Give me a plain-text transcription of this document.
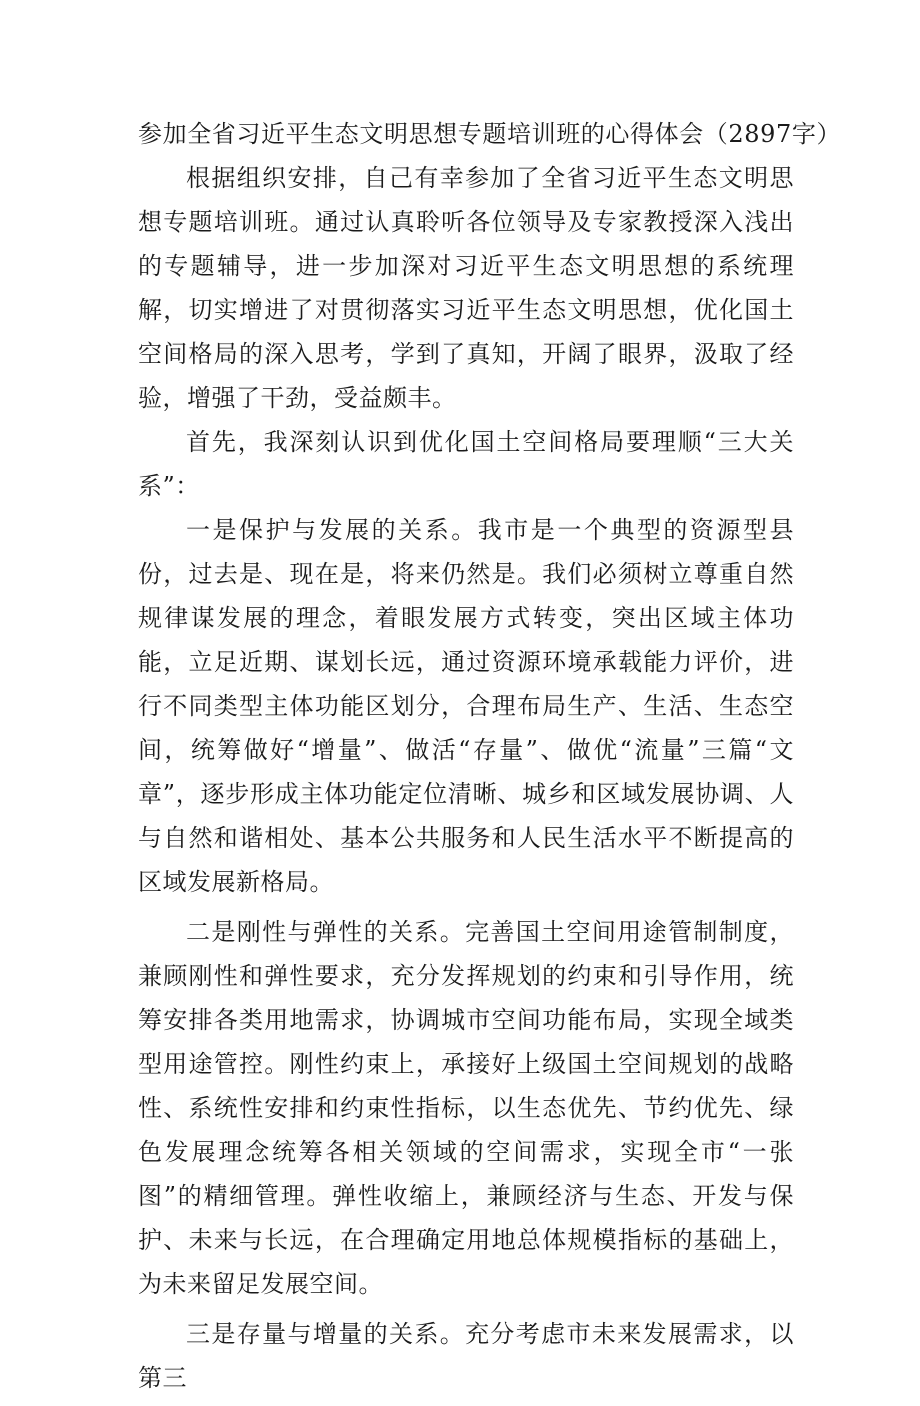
参加全省习近平生态文明思想专题培训班的心得体会（2897字）

根据组织安排，自己有幸参加了全省习近平生态文明思想专题培训班。通过认真聆听各位领导及专家教授深入浅出的专题辅导，进一步加深对习近平生态文明思想的系统理解，切实增进了对贯彻落实习近平生态文明思想，优化国土空间格局的深入思考，学到了真知，开阔了眼界，汲取了经验，增强了干劲，受益颇丰。

首先，我深刻认识到优化国土空间格局要理顺“三大关系”：

一是保护与发展的关系。我市是一个典型的资源型县份，过去是、现在是，将来仍然是。我们必须树立尊重自然规律谋发展的理念，着眼发展方式转变，突出区域主体功能，立足近期、谋划长远，通过资源环境承载能力评价，进行不同类型主体功能区划分，合理布局生产、生活、生态空间，统筹做好“增量”、做活“存量”、做优“流量”三篇“文章”，逐步形成主体功能定位清晰、城乡和区域发展协调、人与自然和谐相处、基本公共服务和人民生活水平不断提高的区域发展新格局。

二是刚性与弹性的关系。完善国土空间用途管制制度，兼顾刚性和弹性要求，充分发挥规划的约束和引导作用，统筹安排各类用地需求，协调城市空间功能布局，实现全域类型用途管控。刚性约束上，承接好上级国土空间规划的战略性、系统性安排和约束性指标，以生态优先、节约优先、绿色发展理念统筹各相关领域的空间需求，实现全市“一张图”的精细管理。弹性收缩上，兼顾经济与生态、开发与保护、未来与长远，在合理确定用地总体规模指标的基础上，为未来留足发展空间。

三是存量与增量的关系。充分考虑市未来发展需求，以第三
